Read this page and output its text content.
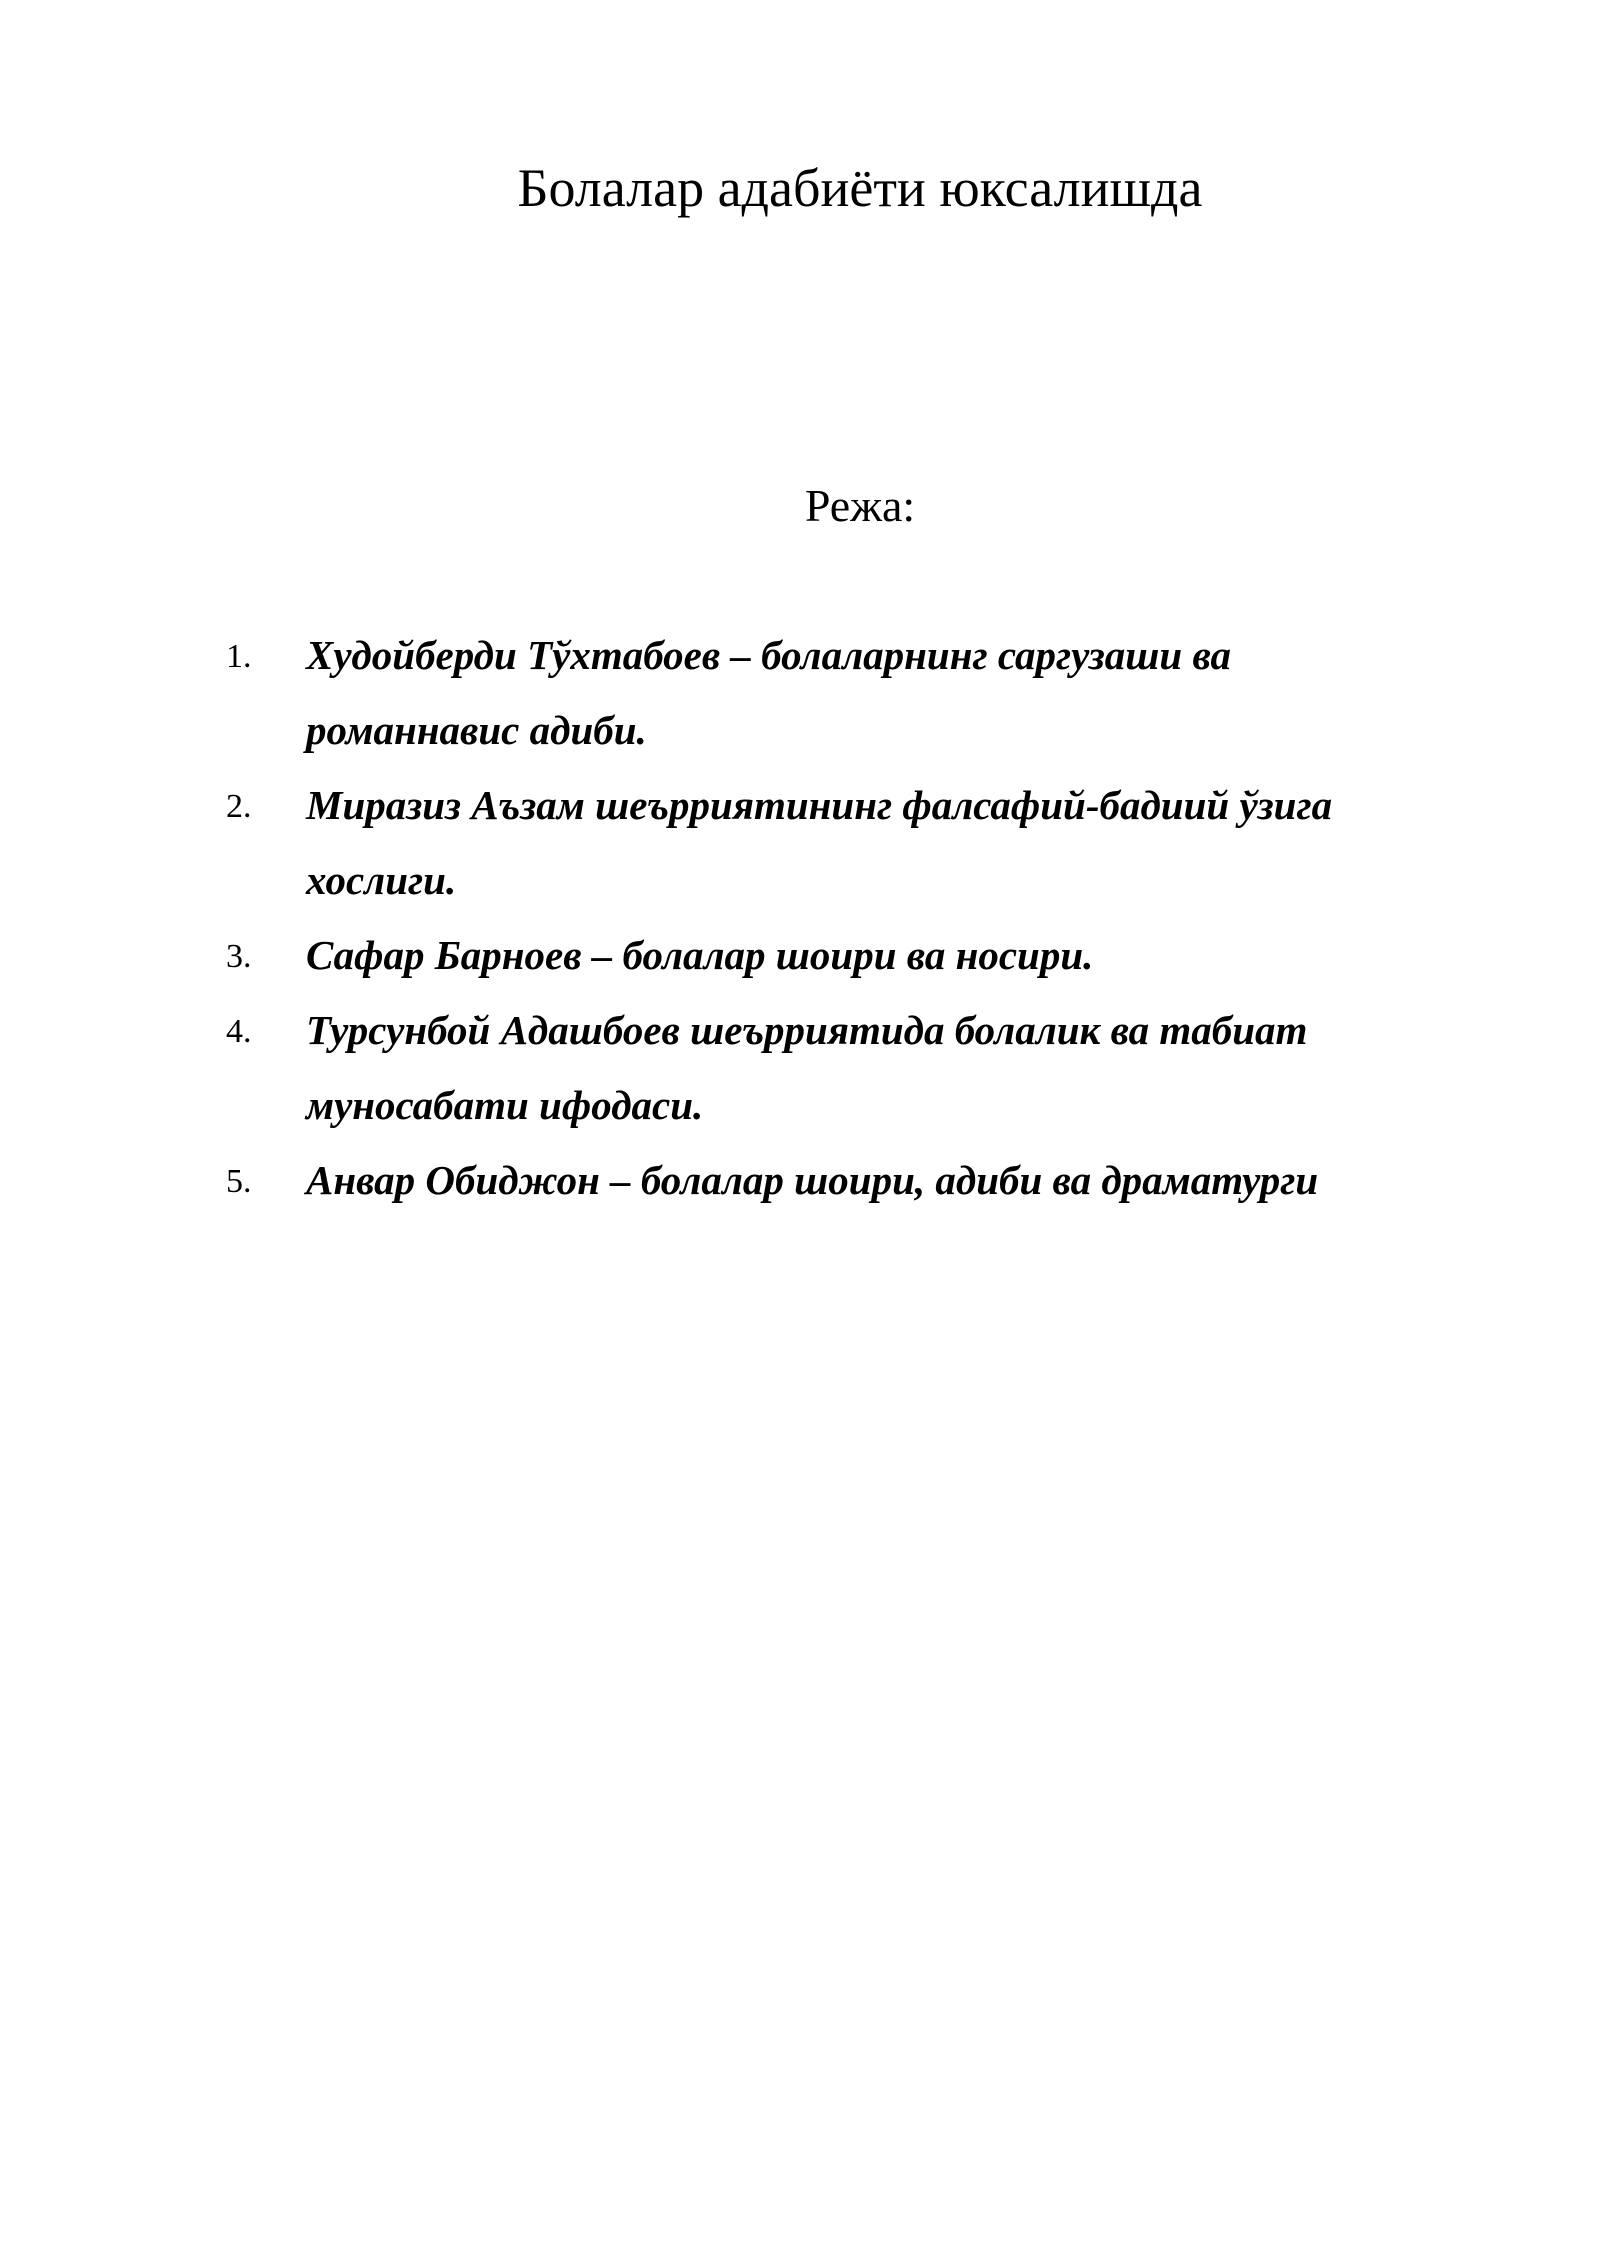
Болалар адабиёти юксалишда
Режа:
1. Худойберди Тўхтабоев – болаларнинг саргузаши ва романнавис адиби.
2. Миразиз Аъзам шеърриятининг фалсафий-бадиий ўзига хослиги.
3. Сафар Барноев – болалар шоири ва носири.
4. Турсунбой Адашбоев шеърриятида болалик ва табиат муносабати ифодаси.
5. Анвар Обиджон – болалар шоири, адиби ва драматурги
